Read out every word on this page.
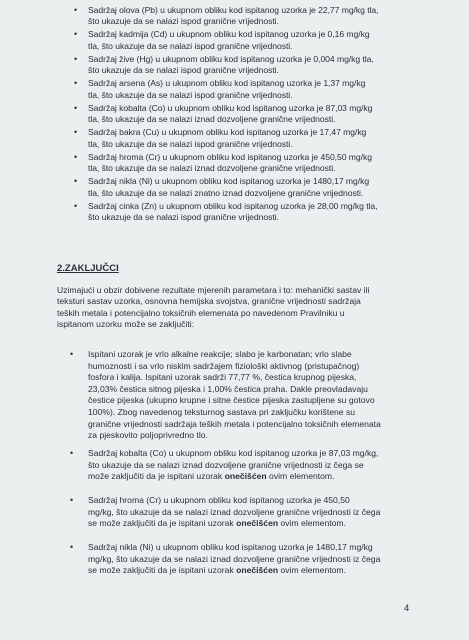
• Sadržaj olova (Pb) u ukupnom obliku kod ispitanog uzorka je 22,77 mg/kg tla,
što ukazuje da se nalazi ispod granične vrijednosti.
• Sadržaj kadmija (Cd) u ukupnom obliku kod ispitanog uzorka je 0,16 mg/kg
tla, što ukazuje da se nalazi ispod granične vrijednosti.
• Sadržaj žive (Hg) u ukupnom obliku kod ispitanog uzorka je 0,004 mg/kg tla,
što ukazuje da se nalazi ispod granične vrijednosti.
• Sadržaj arsena (As) u ukupnom obliku kod ispitanog uzorka je 1,37 mg/kg
tla, što ukazuje da se nalazi ispod granične vrijednosti.
• Sadržaj kobalta (Co) u ukupnom obliku kod ispitanog uzorka je 87,03 mg/kg
tla, što ukazuje da se nalazi iznad dozvoljene granične vrijednosti.
• Sadržaj bakra (Cu) u ukupnom obliku kod ispitanog uzorka je 17,47 mg/kg
tla, što ukazuje da se nalazi ispod granične vrijednosti.
• Sadržaj hroma (Cr) u ukupnom obliku kod ispitanog uzorka je 450,50 mg/kg
tla, što ukazuje da se nalazi iznad dozvoljene granične vrijednosti.
• Sadržaj nikla (Ni) u ukupnom obliku kod ispitanog uzorka je 1480,17 mg/kg
tla, što ukazuje da se nalazi znatno iznad dozvoljene granične vrijednosti.
• Sadržaj cinka (Zn) u ukupnom obliku kod ispitanog uzorka je 28,00 mg/kg tla,
što ukazuje da se nalazi ispod granične vrijednosti.
2.ZAKLJUČCI
Uzimajući u obzir dobivene rezultate mjerenih parametara i to: mehanički sastav ili
teksturi sastav uzorka, osnovna hemijska svojstva, granične vrijednosti sadržaja
teških metala i potencijalno toksičnih elemenata po navedenom Pravilniku u
ispitanom uzorku može se zaključiti:
• Ispitani uzorak je vrlo alkalne reakcije; slabo je karbonatan; vrlo slabe
humoznosti i sa vrlo niskim sadržajem fiziološki aktivnog (pristupačnog)
fosfora i kalija. Ispitani uzorak sadrži 77,77 %, čestica krupnog pijeska,
23,03% čestica sitnog pijeska i 1,00% čestica praha. Dakle preovladavaju
čestice pijeska (ukupno krupne i sitne čestice pijeska zastupljene su gotovo
100%). Zbog navedenog teksturnog sastava pri zaključku korištene su
granične vrijednosti sadržaja teških metala i potencijalno toksičnih elemenata
za pjeskovito poljoprivredno tlo.
• Sadržaj kobalta (Co) u ukupnom obliku kod ispitanog uzorka je 87,03 mg/kg,
što ukazuje da se nalazi iznad dozvoljene granične vrijednosti iz čega se
može zaključiti da je ispitani uzorak onečišćen ovim elementom.
• Sadržaj hroma (Cr) u ukupnom obliku kod ispitanog uzorka je 450,50
mg/kg, što ukazuje da se nalazi iznad dozvoljene granične vrijednosti iz čega
se može zaključiti da je ispitani uzorak onečišćen ovim elementom.
• Sadržaj nikla (Ni) u ukupnom obliku kod ispitanog uzorka je 1480,17 mg/kg
mg/kg, što ukazuje da se nalazi iznad dozvoljene granične vrijednosti iz čega
se može zaključiti da je ispitani uzorak onečišćen ovim elementom.
4
